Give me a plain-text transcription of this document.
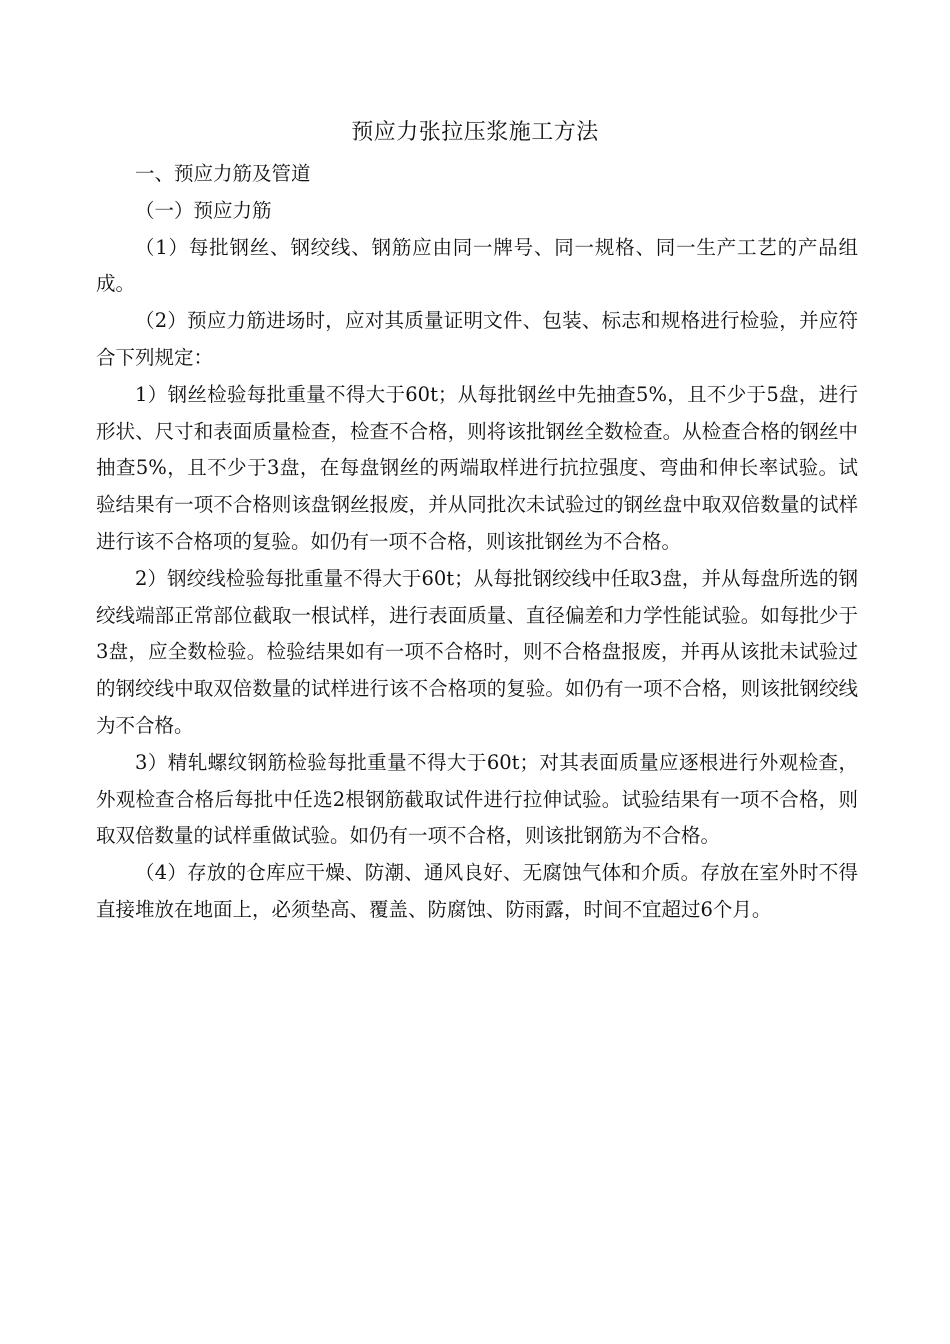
预应力张拉压浆施工方法

一、预应力筋及管道

（一）预应力筋

（1）每批钢丝、钢绞线、钢筋应由同一牌号、同一规格、同一生产工艺的产品组成。

（2）预应力筋进场时，应对其质量证明文件、包装、标志和规格进行检验，并应符合下列规定：

1）钢丝检验每批重量不得大于60t；从每批钢丝中先抽查5%，且不少于5盘，进行形状、尺寸和表面质量检查，检查不合格，则将该批钢丝全数检查。从检查合格的钢丝中抽查5%，且不少于3盘，在每盘钢丝的两端取样进行抗拉强度、弯曲和伸长率试验。试验结果有一项不合格则该盘钢丝报废，并从同批次未试验过的钢丝盘中取双倍数量的试样进行该不合格项的复验。如仍有一项不合格，则该批钢丝为不合格。

2）钢绞线检验每批重量不得大于60t；从每批钢绞线中任取3盘，并从每盘所选的钢绞线端部正常部位截取一根试样，进行表面质量、直径偏差和力学性能试验。如每批少于3盘，应全数检验。检验结果如有一项不合格时，则不合格盘报废，并再从该批未试验过的钢绞线中取双倍数量的试样进行该不合格项的复验。如仍有一项不合格，则该批钢绞线为不合格。

3）精轧螺纹钢筋检验每批重量不得大于60t；对其表面质量应逐根进行外观检查，外观检查合格后每批中任选2根钢筋截取试件进行拉伸试验。试验结果有一项不合格，则取双倍数量的试样重做试验。如仍有一项不合格，则该批钢筋为不合格。

（4）存放的仓库应干燥、防潮、通风良好、无腐蚀气体和介质。存放在室外时不得直接堆放在地面上，必须垫高、覆盖、防腐蚀、防雨露，时间不宜超过6个月。
